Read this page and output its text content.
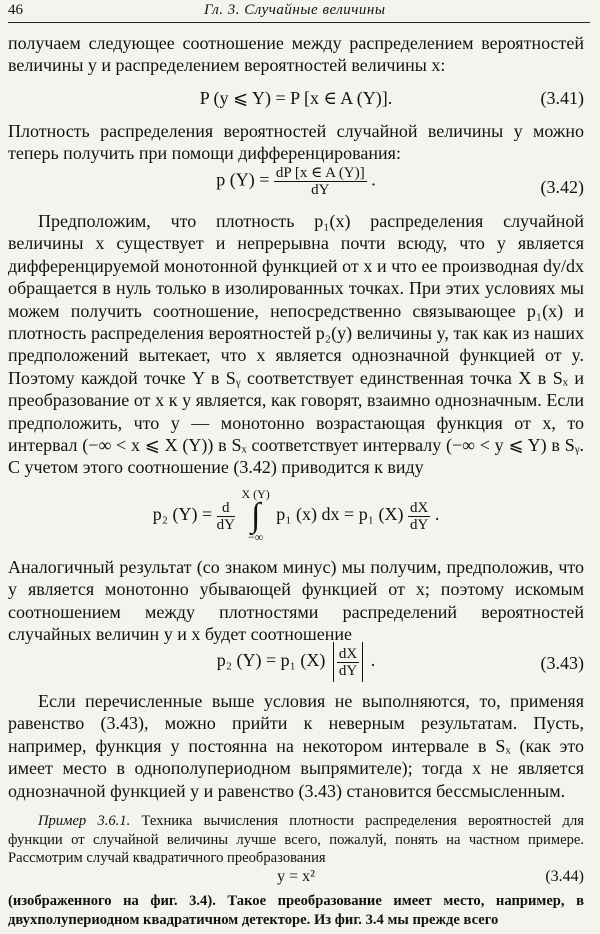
46	Гл. 3. Случайные величины
получаем следующее соотношение между распределением вероятностей величины y и распределением вероятностей величины x:
P (y ⩽ Y) = P [x ∈ A (Y)].	(3.41)
Плотность распределения вероятностей случайной величины y можно теперь получить при помощи дифференцирования:
p $(Y) = \frac{dP [x \in A (Y)]}{dY}$ .	(3.42)
Предположим, что плотность p₁(x) распределения случайной величины x существует и непрерывна почти всюду, что y является дифференцируемой монотонной функцией от x и что ее производная dy/dx обращается в нуль только в изолированных точках. При этих условиях мы можем получить соотношение, непосредственно связывающее p₁(x) и плотность распределения вероятностей p₂(y) величины y, так как из наших предположений вытекает, что x является однозначной функцией от y. Поэтому каждой точке Y в Sᵧ соответствует единственная точка X в Sₓ и преобразование от x к y является, как говорят, взаимно однозначным. Если предположить, что y — монотонно возрастающая функция от x, то интервал (−∞ < x ⩽ X (Y)) в Sₓ соответствует интервалу (−∞ < y ⩽ Y) в Sᵧ. С учетом этого соотношение (3.42) приводится к виду
p₂ $(Y) = \frac{d}{dY}$

X (Y)
∫
−∞
p₁ (x) dx = p₁ $(X) \frac{dX}{dY}$ .
Аналогичный результат (со знаком минус) мы получим, предположив, что y является монотонно убывающей функцией от x; поэтому искомым соотношением между плотностями распределений вероятностей случайных величин y и x будет соотношение
p₂ (Y) = p₁ $(X) \frac{dX}{dY}$ .	(3.43)
Если перечисленные выше условия не выполняются, то, применяя равенство (3.43), можно прийти к неверным результатам. Пусть, например, функция y постоянна на некотором интервале в Sₓ (как это имеет место в однополупериодном выпрямителе); тогда x не является однозначной функцией y и равенство (3.43) становится бессмысленным.
Пример 3.6.1. Техника вычисления плотности распределения вероятностей для функции от случайной величины лучше всего, пожалуй, понять на частном примере. Рассмотрим случай квадратичного преобразования
y = x²	(3.44)
(изображенного на фиг. 3.4). Такое преобразование имеет место, например, в двухполупериодном квадратичном детекторе. Из фиг. 3.4 мы прежде всего
